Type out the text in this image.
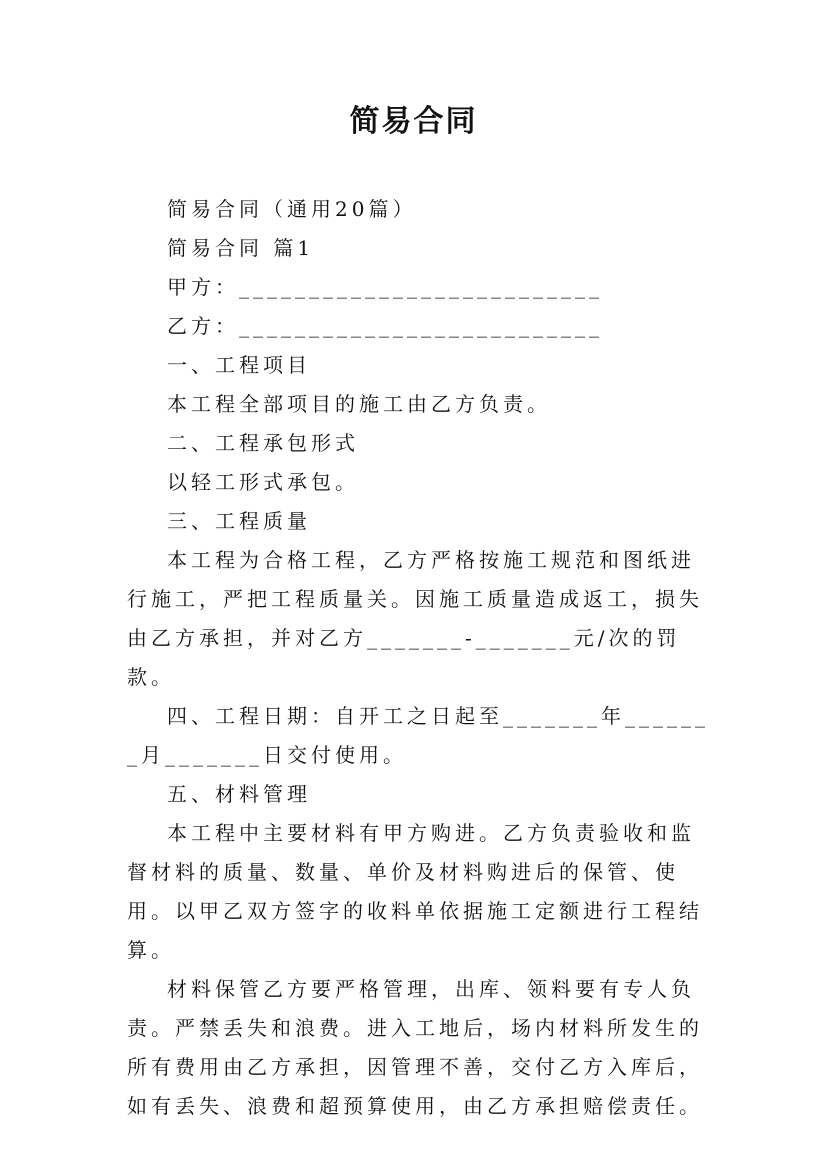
简易合同

简易合同（通用20篇）

简易合同 篇1

甲方：__________________________

乙方：__________________________

一、工程项目

本工程全部项目的施工由乙方负责。

二、工程承包形式

以轻工形式承包。

三、工程质量

本工程为合格工程，乙方严格按施工规范和图纸进行施工，严把工程质量关。因施工质量造成返工，损失由乙方承担，并对乙方_______-_______元/次的罚款。

四、工程日期：自开工之日起至_______年_______月_______日交付使用。

五、材料管理

本工程中主要材料有甲方购进。乙方负责验收和监督材料的质量、数量、单价及材料购进后的保管、使用。以甲乙双方签字的收料单依据施工定额进行工程结算。

材料保管乙方要严格管理，出库、领料要有专人负责。严禁丢失和浪费。进入工地后，场内材料所发生的所有费用由乙方承担，因管理不善，交付乙方入库后，如有丢失、浪费和超预算使用，由乙方承担赔偿责任。
